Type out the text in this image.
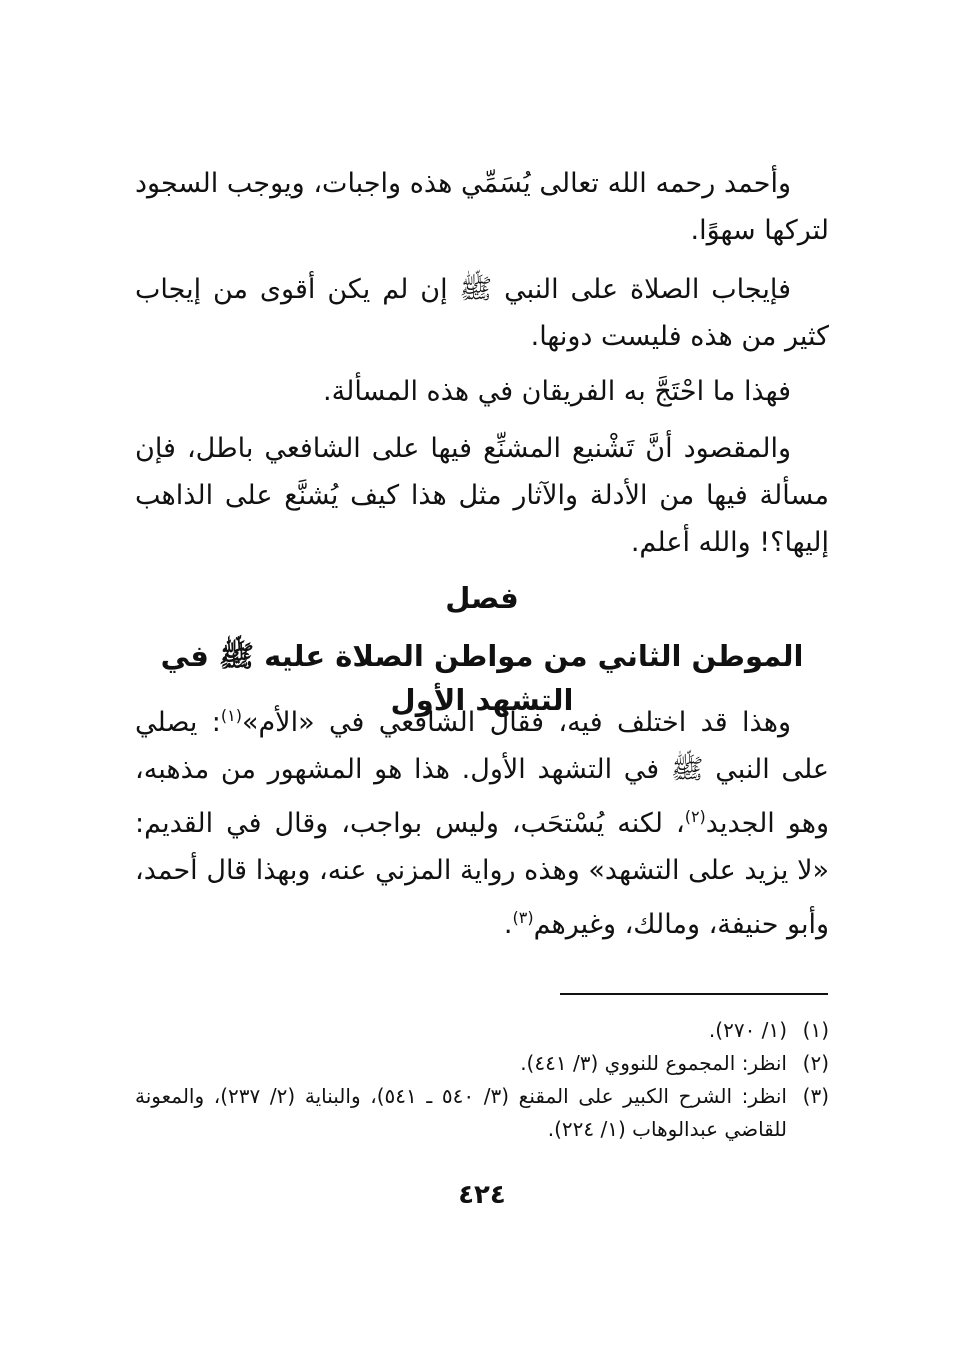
وأحمد رحمه الله تعالى يُسَمِّي هذه واجبات، ويوجب السجود لتركها سهوًا.

فإيجاب الصلاة على النبي ﷺ إن لم يكن أقوى من إيجاب كثير من هذه فليست دونها.

فهذا ما احْتَجَّ به الفريقان في هذه المسألة.

والمقصود أنَّ تَشْنيع المشنِّع فيها على الشافعي باطل، فإن مسألة فيها من الأدلة والآثار مثل هذا كيف يُشنَّع على الذاهب إليها؟! والله أعلم.

فصل
الموطن الثاني من مواطن الصلاة عليه ﷺ في التشهد الأول

وهذا قد اختلف فيه، فقال الشافعي في «الأم»$^{(١)}$: يصلي على النبي ﷺ في التشهد الأول. هذا هو المشهور من مذهبه، وهو الجديد$^{(٢)}$، لكنه يُسْتحَب، وليس بواجب، وقال في القديم: «لا يزيد على التشهد» وهذه رواية المزني عنه، وبهذا قال أحمد، وأبو حنيفة، ومالك، وغيرهم$^{(٣)}$.

(١)
(١/ ٢٧٠).
(٢)
انظر: المجموع للنووي (٣/ ٤٤١).
(٣)
انظر: الشرح الكبير على المقنع (٣/ ٥٤٠ ـ ٥٤١)، والبناية (٢/ ٢٣٧)، والمعونة للقاضي عبدالوهاب (١/ ٢٢٤).
٤٢٤
